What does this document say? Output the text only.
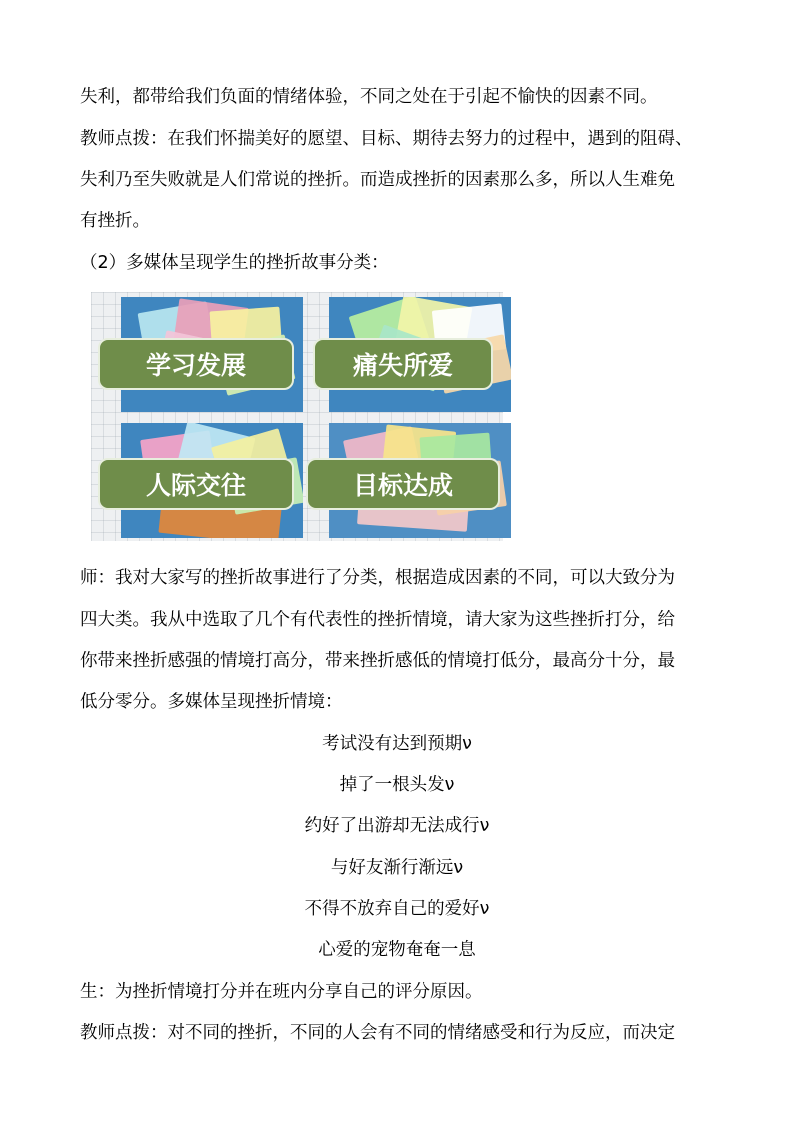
失利，都带给我们负面的情绪体验，不同之处在于引起不愉快的因素不同。
教师点拨：在我们怀揣美好的愿望、目标、期待去努力的过程中，遇到的阻碍、
失利乃至失败就是人们常说的挫折。而造成挫折的因素那么多，所以人生难免
有挫折。
（2）多媒体呈现学生的挫折故事分类：
学习发展	痛失所爱
人际交往	目标达成
师：我对大家写的挫折故事进行了分类，根据造成因素的不同，可以大致分为
四大类。我从中选取了几个有代表性的挫折情境，请大家为这些挫折打分，给
你带来挫折感强的情境打高分，带来挫折感低的情境打低分，最高分十分，最
低分零分。多媒体呈现挫折情境：
考试没有达到预期ν
掉了一根头发ν
约好了出游却无法成行ν
与好友渐行渐远ν
不得不放弃自己的爱好ν
心爱的宠物奄奄一息
生：为挫折情境打分并在班内分享自己的评分原因。
教师点拨：对不同的挫折，不同的人会有不同的情绪感受和行为反应，而决定
